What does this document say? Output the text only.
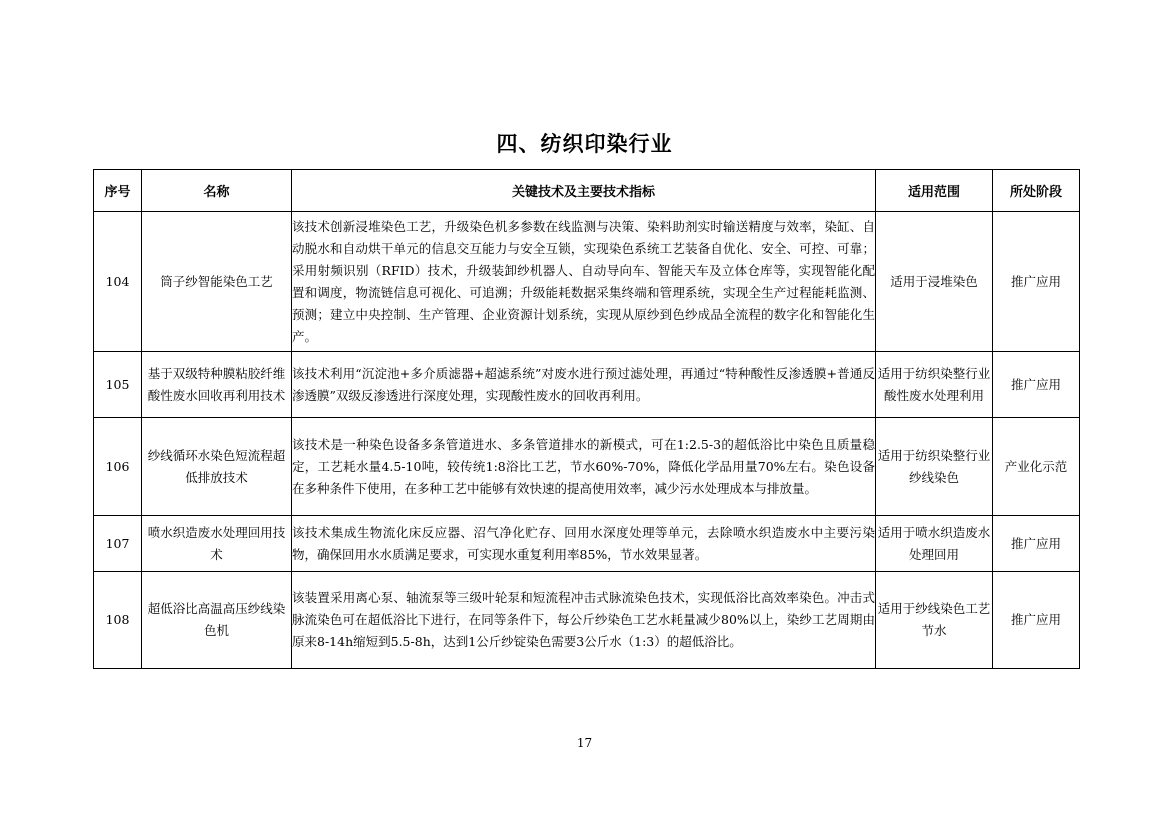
四、纺织印染行业
序号	名称	关键技术及主要技术指标	适用范围	所处阶段
104	筒子纱智能染色工艺	该技术创新浸堆染色工艺，升级染色机多参数在线监测与决策、染料助剂实时输送精度与效率，染缸、自动脱水和自动烘干单元的信息交互能力与安全互锁，实现染色系统工艺装备自优化、安全、可控、可靠；采用射频识别（RFID）技术，升级装卸纱机器人、自动导向车、智能天车及立体仓库等，实现智能化配置和调度，物流链信息可视化、可追溯；升级能耗数据采集终端和管理系统，实现全生产过程能耗监测、预测；建立中央控制、生产管理、企业资源计划系统，实现从原纱到色纱成品全流程的数字化和智能化生产。	适用于浸堆染色	推广应用
105	基于双级特种膜粘胶纤维酸性废水回收再利用技术	该技术利用“沉淀池+多介质滤器+超滤系统”对废水进行预过滤处理，再通过“特种酸性反渗透膜+普通反渗透膜”双级反渗透进行深度处理，实现酸性废水的回收再利用。	适用于纺织染整行业酸性废水处理利用	推广应用
106	纱线循环水染色短流程超低排放技术	该技术是一种染色设备多条管道进水、多条管道排水的新模式，可在1:2.5-3的超低浴比中染色且质量稳定，工艺耗水量4.5-10吨，较传统1:8浴比工艺，节水60%-70%，降低化学品用量70%左右。染色设备在多种条件下使用，在多种工艺中能够有效快速的提高使用效率，减少污水处理成本与排放量。	适用于纺织染整行业纱线染色	产业化示范
107	喷水织造废水处理回用技术	该技术集成生物流化床反应器、沼气净化贮存、回用水深度处理等单元，去除喷水织造废水中主要污染物，确保回用水水质满足要求，可实现水重复利用率85%，节水效果显著。	适用于喷水织造废水处理回用	推广应用
108	超低浴比高温高压纱线染色机	该装置采用离心泵、轴流泵等三级叶轮泵和短流程冲击式脉流染色技术，实现低浴比高效率染色。冲击式脉流染色可在超低浴比下进行，在同等条件下，每公斤纱染色工艺水耗量减少80%以上，染纱工艺周期由原来8-14h缩短到5.5-8h，达到1公斤纱锭染色需要3公斤水（1:3）的超低浴比。	适用于纱线染色工艺节水	推广应用
17
